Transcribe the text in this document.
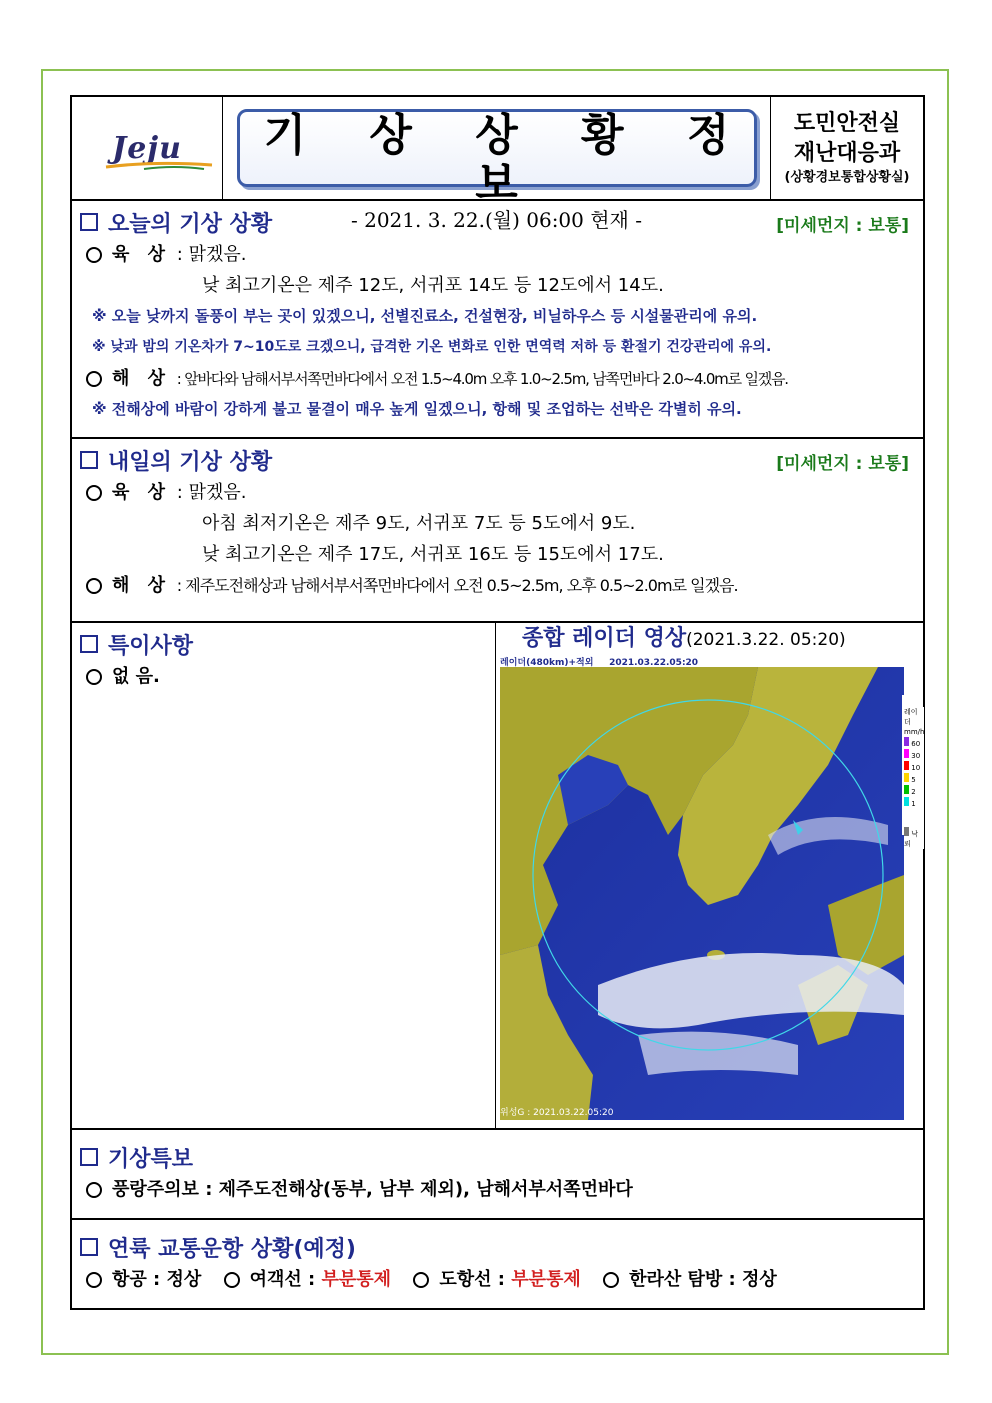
Jeju	기 상 상 황 정 보
- 2021. 3. 22.(월) 06:00 현재 -
도민안전실
재난대응과
(상황경보통합상황실)
오늘의 기상 상황	[미세먼지 : 보통]
육 상 : 맑겠음.
낮 최고기온은 제주 12도, 서귀포 14도 등 12도에서 14도.
※ 오늘 낮까지 돌풍이 부는 곳이 있겠으니, 선별진료소, 건설현장, 비닐하우스 등 시설물관리에 유의.
※ 낮과 밤의 기온차가 7~10도로 크겠으니, 급격한 기온 변화로 인한 면역력 저하 등 환절기 건강관리에 유의.
해 상 : 앞바다와 남해서부서쪽먼바다에서 오전 1.5~4.0m 오후 1.0~2.5m, 남쪽먼바다 2.0~4.0m로 일겠음.
※ 전해상에 바람이 강하게 불고 물결이 매우 높게 일겠으니, 항해 및 조업하는 선박은 각별히 유의.
내일의 기상 상황	[미세먼지 : 보통]
육 상 : 맑겠음.
아침 최저기온은 제주 9도, 서귀포 7도 등 5도에서 9도.
낮 최고기온은 제주 17도, 서귀포 16도 등 15도에서 17도.
해 상 : 제주도전해상과 남해서부서쪽먼바다에서 오전 0.5~2.5m, 오후 0.5~2.0m로 일겠음.
특이사항
없 음.
종합 레이더 영상(2021.3.22. 05:20)
레이더(480km)+적외 2021.03.22.05:20
위성G : 2021.03.22.05:20
레이더
mm/h
60
30
10
5
2
1
낙뢰
기상특보
풍랑주의보 : 제주도전해상(동부, 남부 제외), 남해서부서쪽먼바다
연륙 교통운항 상황(예정)
항공 : 정상	여객선 : 부분통제	도항선 : 부분통제	한라산 탐방 : 정상
